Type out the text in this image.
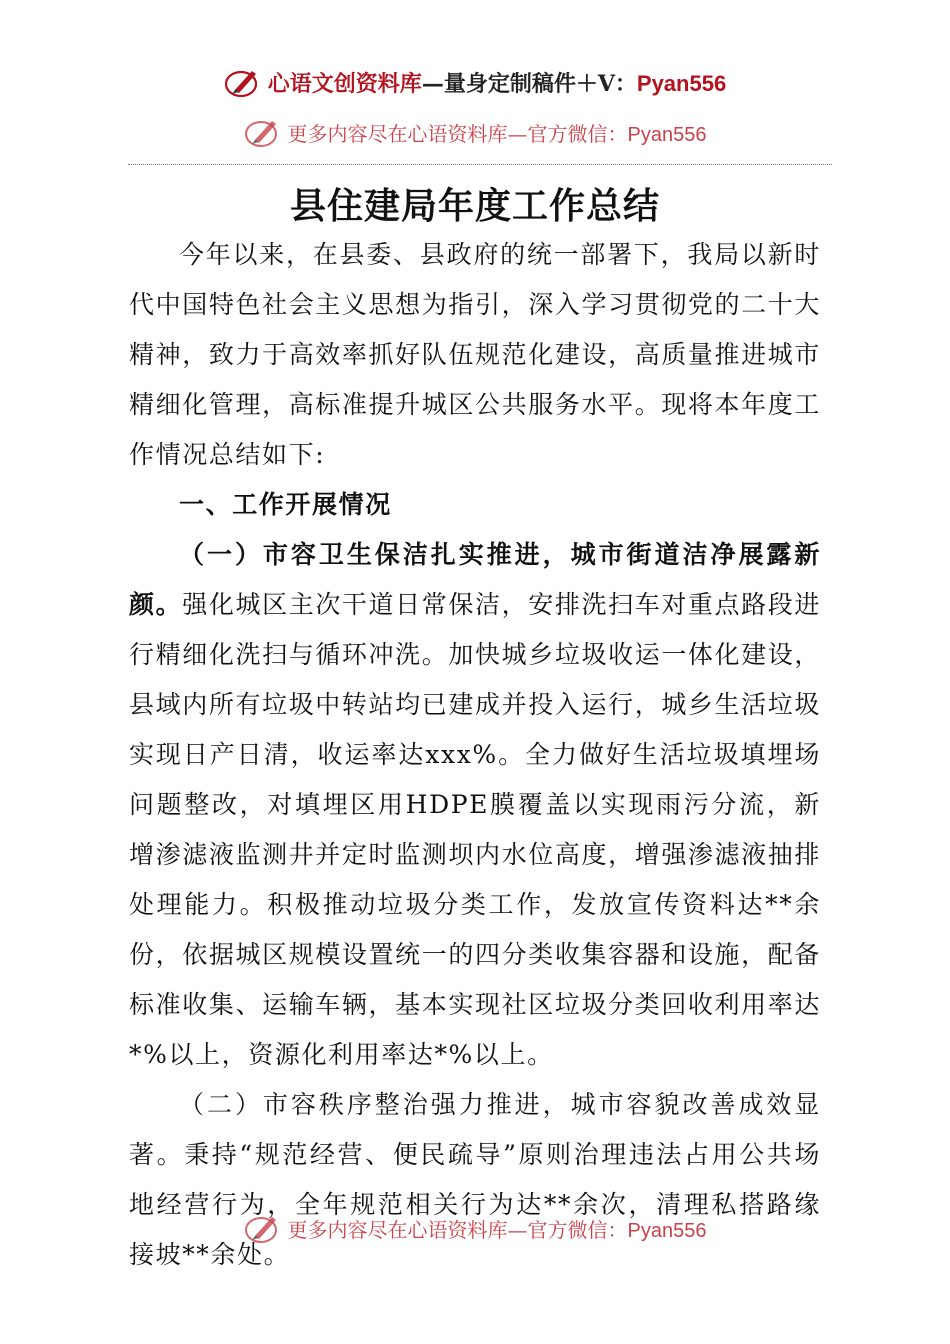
心语文创资料库—量身定制稿件＋V：Pyan556
更多内容尽在心语资料库—官方微信：Pyan556
县住建局年度工作总结

今年以来，在县委、县政府的统一部署下，我局以新时代中国特色社会主义思想为指引，深入学习贯彻党的二十大精神，致力于高效率抓好队伍规范化建设，高质量推进城市精细化管理，高标准提升城区公共服务水平。现将本年度工作情况总结如下:

一、工作开展情况

（一）市容卫生保洁扎实推进，城市街道洁净展露新颜。强化城区主次干道日常保洁，安排洗扫车对重点路段进行精细化洗扫与循环冲洗。加快城乡垃圾收运一体化建设，县域内所有垃圾中转站均已建成并投入运行，城乡生活垃圾实现日产日清，收运率达xxx%。全力做好生活垃圾填埋场问题整改，对填埋区用HDPE膜覆盖以实现雨污分流，新增渗滤液监测井并定时监测坝内水位高度，增强渗滤液抽排处理能力。积极推动垃圾分类工作，发放宣传资料达**余份，依据城区规模设置统一的四分类收集容器和设施，配备标准收集、运输车辆，基本实现社区垃圾分类回收利用率达*%以上，资源化利用率达*%以上。

（二）市容秩序整治强力推进，城市容貌改善成效显著。秉持“规范经营、便民疏导”原则治理违法占用公共场地经营行为，全年规范相关行为达**余次，清理私搭路缘接坡**余处。

更多内容尽在心语资料库—官方微信：Pyan556
